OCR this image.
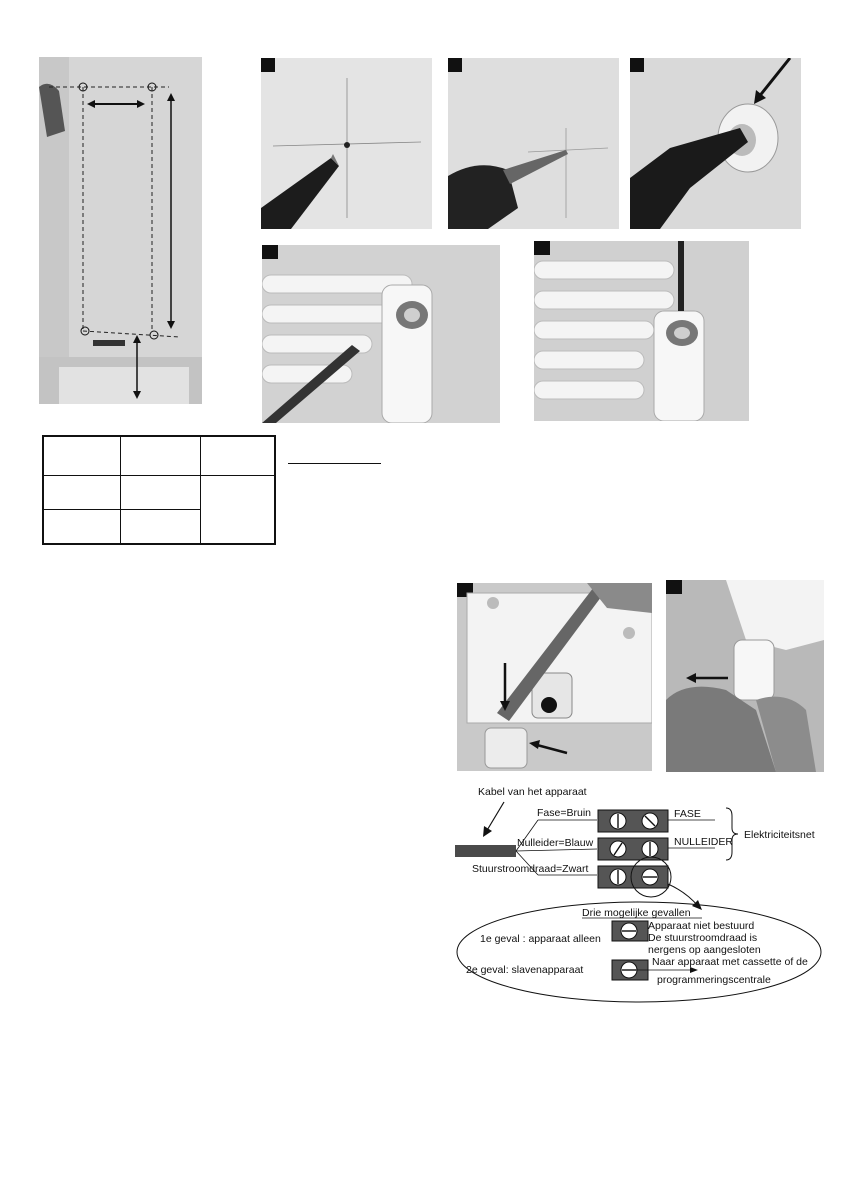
Kabel van het apparaat
Fase=Bruin
Nulleider=Blauw
Stuurstroomdraad=Zwart
FASE
NULLEIDER
Elektriciteitsnet
Drie mogelijke gevallen
1e geval : apparaat alleen
Apparaat niet bestuurd
De stuurstroomdraad is
nergens op aangesloten
2e geval: slavenapparaat
Naar apparaat met cassette of de
programmeringscentrale
